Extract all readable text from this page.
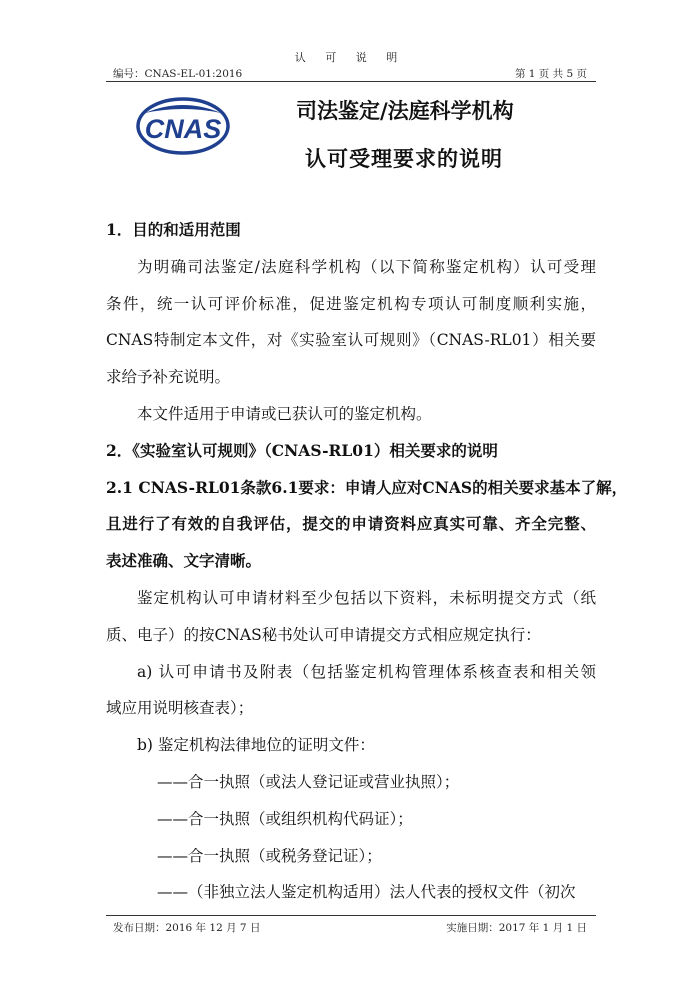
认 可 说 明
编号：CNAS-EL-01:2016	第 1 页 共 5 页
CNAS
司法鉴定/法庭科学机构
认可受理要求的说明
1．目的和适用范围
为明确司法鉴定/法庭科学机构（以下简称鉴定机构）认可受理
条件，统一认可评价标准，促进鉴定机构专项认可制度顺利实施，
CNAS特制定本文件，对《实验室认可规则》（CNAS-RL01）相关要
求给予补充说明。
本文件适用于申请或已获认可的鉴定机构。
2．《实验室认可规则》（CNAS-RL01）相关要求的说明
2.1 CNAS-RL01条款6.1要求：申请人应对CNAS的相关要求基本了解，
且进行了有效的自我评估，提交的申请资料应真实可靠、齐全完整、
表述准确、文字清晰。
鉴定机构认可申请材料至少包括以下资料，未标明提交方式（纸
质、电子）的按CNAS秘书处认可申请提交方式相应规定执行：
a) 认可申请书及附表（包括鉴定机构管理体系核查表和相关领
域应用说明核查表）；
b) 鉴定机构法律地位的证明文件：
——合一执照（或法人登记证或营业执照）；
——合一执照（或组织机构代码证）；
——合一执照（或税务登记证）；
——（非独立法人鉴定机构适用）法人代表的授权文件（初次
发布日期：2016 年 12 月 7 日	实施日期：2017 年 1 月 1 日
